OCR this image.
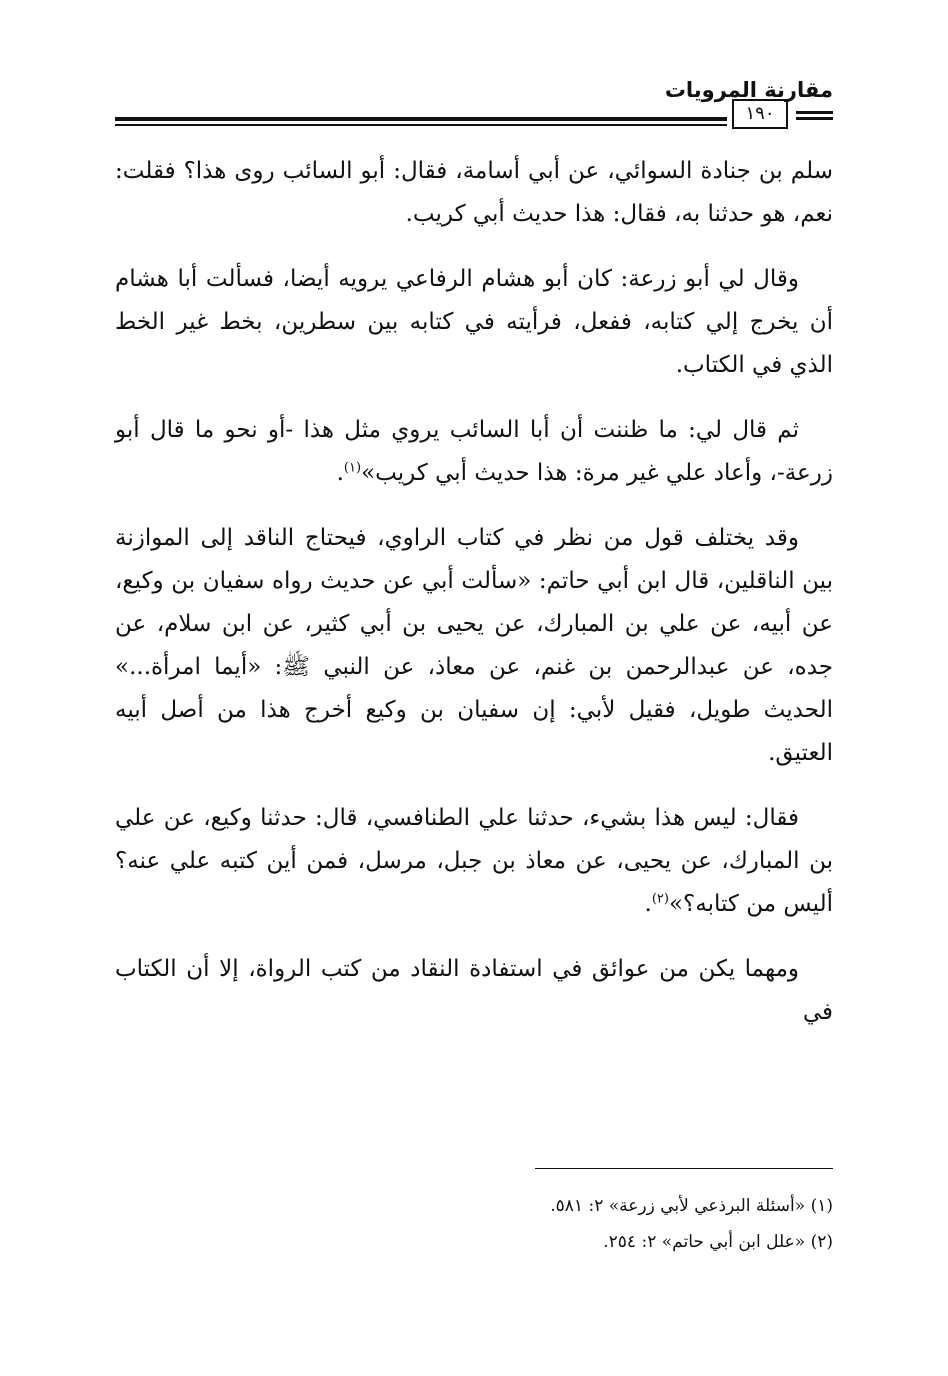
مقارنة المرويات
١٩٠

سلم بن جنادة السوائي، عن أبي أسامة، فقال: أبو السائب روى هذا؟ فقلت: نعم، هو حدثنا به، فقال: هذا حديث أبي كريب.

وقال لي أبو زرعة: كان أبو هشام الرفاعي يرويه أيضا، فسألت أبا هشام أن يخرج إلي كتابه، ففعل، فرأيته في كتابه بين سطرين، بخط غير الخط الذي في الكتاب.

ثم قال لي: ما ظننت أن أبا السائب يروي مثل هذا -أو نحو ما قال أبو زرعة-، وأعاد علي غير مرة: هذا حديث أبي كريب»$^{(١)}$.

وقد يختلف قول من نظر في كتاب الراوي، فيحتاج الناقد إلى الموازنة بين الناقلين، قال ابن أبي حاتم: «سألت أبي عن حديث رواه سفيان بن وكيع، عن أبيه، عن علي بن المبارك، عن يحيى بن أبي كثير، عن ابن سلام، عن جده، عن عبدالرحمن بن غنم، عن معاذ، عن النبي ﷺ: «أيما امرأة...» الحديث طويل، فقيل لأبي: إن سفيان بن وكيع أخرج هذا من أصل أبيه العتيق.

فقال: ليس هذا بشيء، حدثنا علي الطنافسي، قال: حدثنا وكيع، عن علي بن المبارك، عن يحيى، عن معاذ بن جبل، مرسل، فمن أين كتبه علي عنه؟ أليس من كتابه؟»$^{(٢)}$.

ومهما يكن من عوائق في استفادة النقاد من كتب الرواة، إلا أن الكتاب في

(١) «أسئلة البرذعي لأبي زرعة» ٢: ٥٨١.
(٢) «علل ابن أبي حاتم» ٢: ٢٥٤.
